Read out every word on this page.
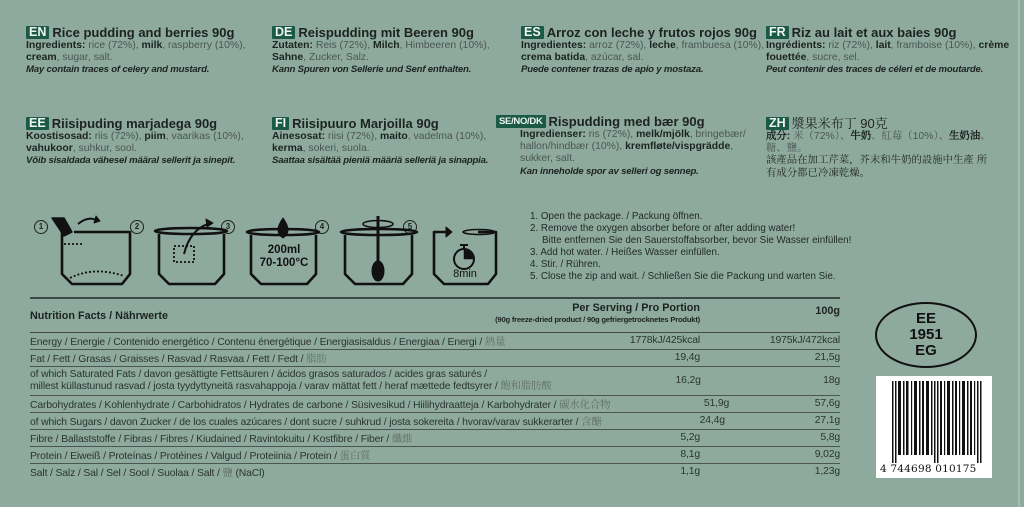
EN Rice pudding and berries 90g
Ingredients: rice (72%), milk, raspberry (10%), cream, sugar, salt.
May contain traces of celery and mustard.
DE Reispudding mit Beeren 90g
Zutaten: Reis (72%), Milch, Himbeeren (10%), Sahne, Zucker, Salz.
Kann Spuren von Sellerie und Senf enthalten.
ES Arroz con leche y frutos rojos 90g
Ingredientes: arroz (72%), leche, frambuesa (10%), crema batida, azúcar, sal.
Puede contener trazas de apio y mostaza.
FR Riz au lait et aux baies 90g
Ingrédients: riz (72%), lait, framboise (10%), crème fouettée, sucre, sel.
Peut contenir des traces de céleri et de moutarde.
EE Riisipuding marjadega 90g
Koostisosad: riis (72%), piim, vaarikas (10%), vahukoor, suhkur, sool.
Võib sisaldada vähesel määral sellerit ja sinepit.
FI Riisipuuro Marjoilla 90g
Ainesosat: riisi (72%), maito, vadelma (10%), kerma, sokeri, suola.
Saattaa sisältää pieniä määriä selleriä ja sinappia.
SE/NO/DK Rispudding med bær 90g
Ingredienser: ris (72%), melk/mjölk, bringebær/ hallon/hindbær (10%), kremfløte/vispgrädde, sukker, salt.
Kan inneholde spor av selleri og sennep.
ZH 漿果米布丁 90克
成分: 米（72%）、牛奶、紅莓（10%）、生奶油、糖、鹽。
該產品在加工芹菜，芥末和牛奶的設施中生產 所有成分都已冷凍乾燥。
1	2	3	4	5
200ml
70-100°C
8min
1. Open the package. / Packung öffnen.
2. Remove the oxygen absorber before or after adding water!
Bitte entfernen Sie den Sauerstoffabsorber, bevor Sie Wasser einfüllen!
3. Add hot water. / Heißes Wasser einfüllen.
4. Stir. / Rühren.
5. Close the zip and wait. / Schließen Sie die Packung und warten Sie.
Nutrition Facts / Nährwerte
Per Serving / Pro Portion
(90g freeze-dried product / 90g gefriergetrocknetes Produkt)
100g
Energy / Energie / Contenido energético / Contenu énergétique / Energiasisaldus / Energiaa / Energi / 熱量	1778kJ/425kcal	1975kJ/472kcal
Fat / Fett / Grasas / Graisses / Rasvad / Rasvaa / Fett / Fedt / 脂肪	19,4g	21,5g
of which Saturated Fats / davon gesättigte Fettsäuren / ácidos grasos saturados / acides gras saturés /
millest küllastunud rasvad / josta tyydyttyneitä rasvahappoja / varav mättat fett / heraf mættede fedtsyrer / 飽和脂肪酸
16,2g	18g
Carbohydrates / Kohlenhydrate / Carbohidratos / Hydrates de carbone / Süsivesikud / Hiilihydraatteja / Karbohydrater / 碳水化合物	51,9g	57,6g
of which Sugars / davon Zucker / de los cuales azúcares / dont sucre / suhkrud / josta sokereita / hvorav/varav sukkerarter / 含醣	24,4g	27,1g
Fibre / Ballaststoffe / Fibras / Fibres / Kiudained / Ravintokuitu / Kostfibre / Fiber / 纖維	5,2g	5,8g
Protein / Eiweiß / Proteínas / Protéines / Valgud / Proteiinia / Protein / 蛋白質	8,1g	9,02g
Salt / Salz / Sal / Sel / Sool / Suolaa / Salt / 鹽 (NaCl)	1,1g	1,23g
EE
1951
EG
4 744698 010175
